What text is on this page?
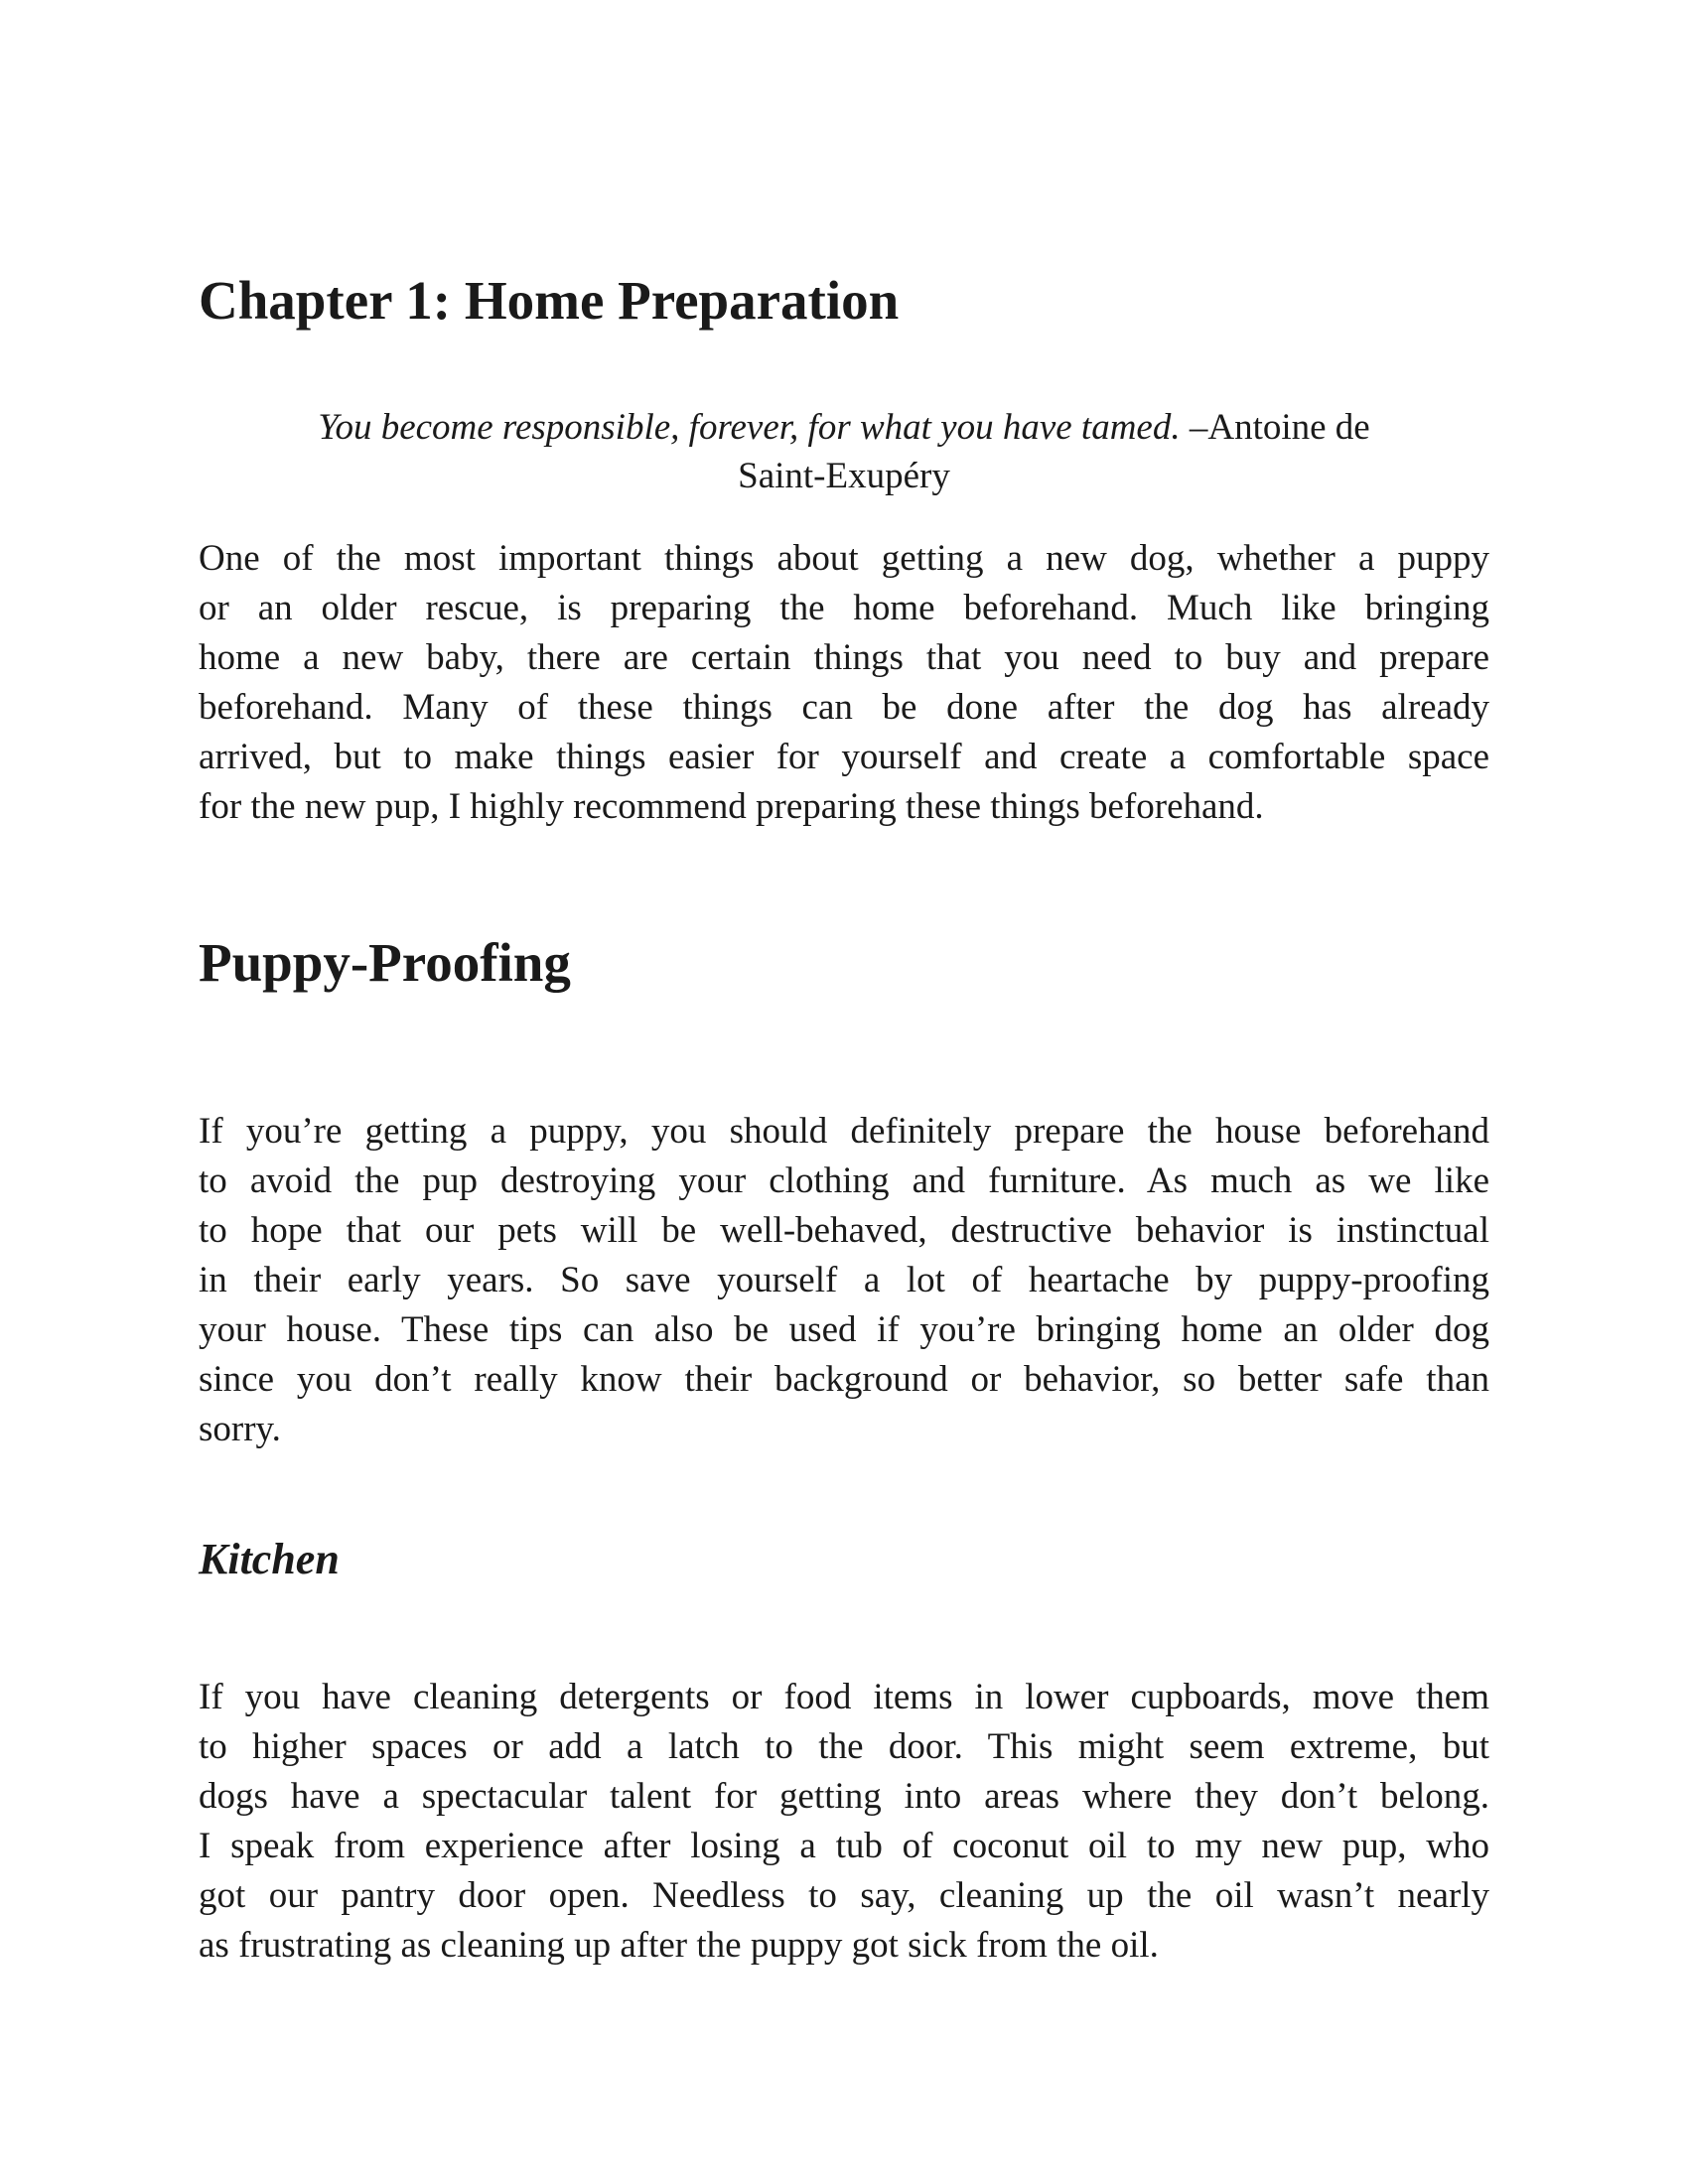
Chapter 1: Home Preparation

You become responsible, forever, for what you have tamed. –Antoine de
Saint-Exupéry

One of the most important things about getting a new dog, whether a puppy
or an older rescue, is preparing the home beforehand. Much like bringing
home a new baby, there are certain things that you need to buy and prepare
beforehand. Many of these things can be done after the dog has already
arrived, but to make things easier for yourself and create a comfortable space
for the new pup, I highly recommend preparing these things beforehand.
Puppy-Proofing
If you’re getting a puppy, you should definitely prepare the house beforehand
to avoid the pup destroying your clothing and furniture. As much as we like
to hope that our pets will be well-behaved, destructive behavior is instinctual
in their early years. So save yourself a lot of heartache by puppy-proofing
your house. These tips can also be used if you’re bringing home an older dog
since you don’t really know their background or behavior, so better safe than
sorry.
Kitchen
If you have cleaning detergents or food items in lower cupboards, move them
to higher spaces or add a latch to the door. This might seem extreme, but
dogs have a spectacular talent for getting into areas where they don’t belong.
I speak from experience after losing a tub of coconut oil to my new pup, who
got our pantry door open. Needless to say, cleaning up the oil wasn’t nearly
as frustrating as cleaning up after the puppy got sick from the oil.
